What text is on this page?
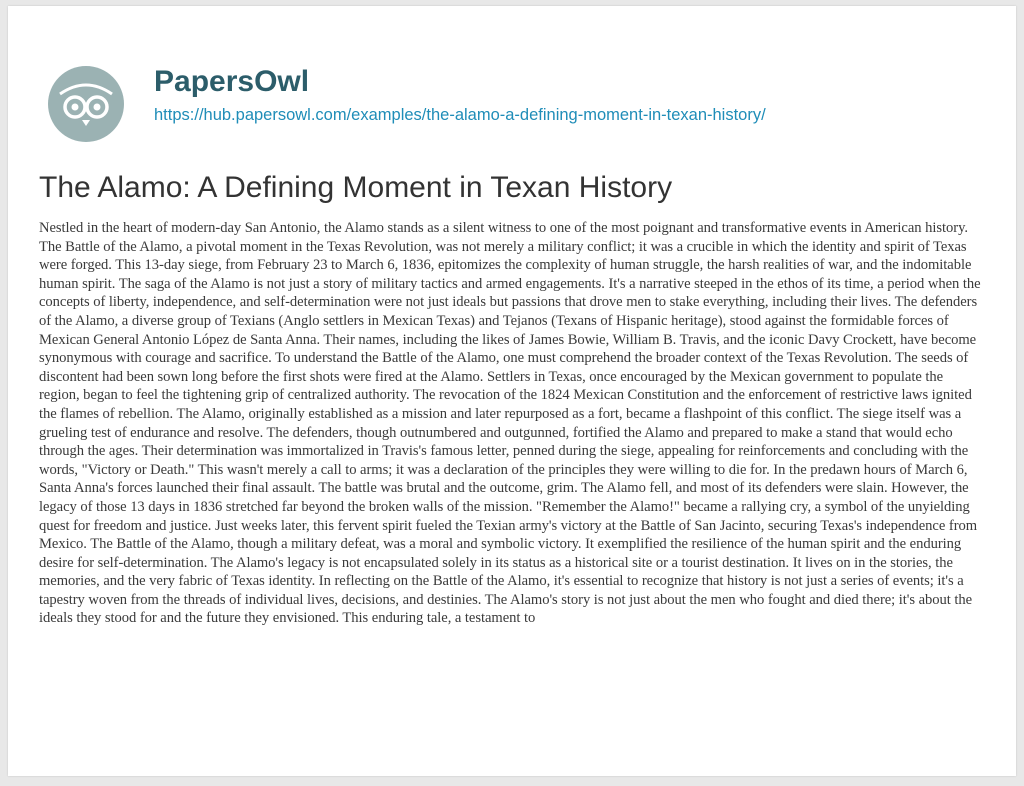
PapersOwl
https://hub.papersowl.com/examples/the-alamo-a-defining-moment-in-texan-history/
The Alamo: A Defining Moment in Texan History

Nestled in the heart of modern-day San Antonio, the Alamo stands as a silent witness to one of the most poignant and transformative events in American history. The Battle of the Alamo, a pivotal moment in the Texas Revolution, was not merely a military conflict; it was a crucible in which the identity and spirit of Texas were forged. This 13-day siege, from February 23 to March 6, 1836, epitomizes the complexity of human struggle, the harsh realities of war, and the indomitable human spirit. The saga of the Alamo is not just a story of military tactics and armed engagements. It's a narrative steeped in the ethos of its time, a period when the concepts of liberty, independence, and self-determination were not just ideals but passions that drove men to stake everything, including their lives. The defenders of the Alamo, a diverse group of Texians (Anglo settlers in Mexican Texas) and Tejanos (Texans of Hispanic heritage), stood against the formidable forces of Mexican General Antonio López de Santa Anna. Their names, including the likes of James Bowie, William B. Travis, and the iconic Davy Crockett, have become synonymous with courage and sacrifice. To understand the Battle of the Alamo, one must comprehend the broader context of the Texas Revolution. The seeds of discontent had been sown long before the first shots were fired at the Alamo. Settlers in Texas, once encouraged by the Mexican government to populate the region, began to feel the tightening grip of centralized authority. The revocation of the 1824 Mexican Constitution and the enforcement of restrictive laws ignited the flames of rebellion. The Alamo, originally established as a mission and later repurposed as a fort, became a flashpoint of this conflict. The siege itself was a grueling test of endurance and resolve. The defenders, though outnumbered and outgunned, fortified the Alamo and prepared to make a stand that would echo through the ages. Their determination was immortalized in Travis's famous letter, penned during the siege, appealing for reinforcements and concluding with the words, "Victory or Death." This wasn't merely a call to arms; it was a declaration of the principles they were willing to die for. In the predawn hours of March 6, Santa Anna's forces launched their final assault. The battle was brutal and the outcome, grim. The Alamo fell, and most of its defenders were slain. However, the legacy of those 13 days in 1836 stretched far beyond the broken walls of the mission. "Remember the Alamo!" became a rallying cry, a symbol of the unyielding quest for freedom and justice. Just weeks later, this fervent spirit fueled the Texian army's victory at the Battle of San Jacinto, securing Texas's independence from Mexico. The Battle of the Alamo, though a military defeat, was a moral and symbolic victory. It exemplified the resilience of the human spirit and the enduring desire for self-determination. The Alamo's legacy is not encapsulated solely in its status as a historical site or a tourist destination. It lives on in the stories, the memories, and the very fabric of Texas identity. In reflecting on the Battle of the Alamo, it's essential to recognize that history is not just a series of events; it's a tapestry woven from the threads of individual lives, decisions, and destinies. The Alamo's story is not just about the men who fought and died there; it's about the ideals they stood for and the future they envisioned. This enduring tale, a testament to
